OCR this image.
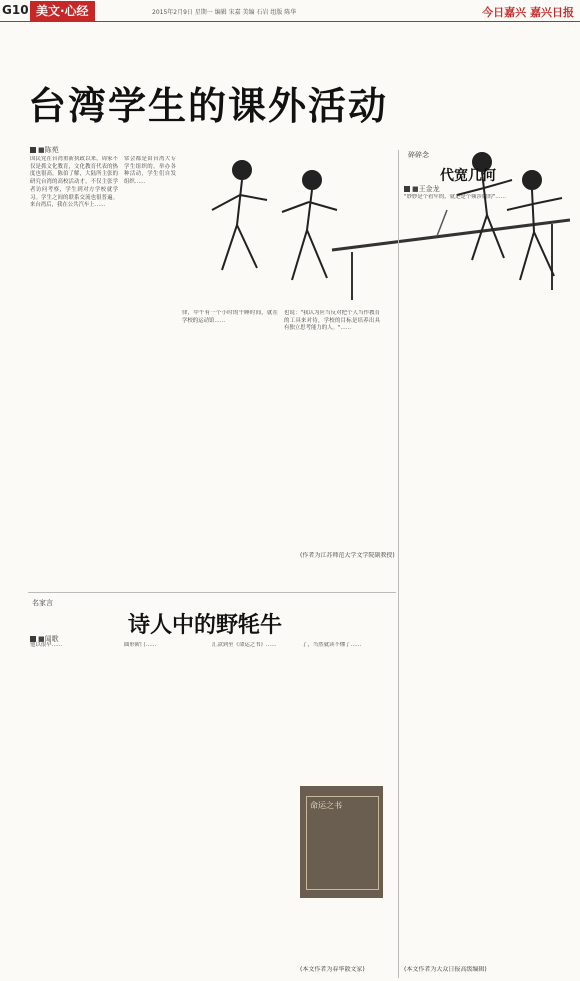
G10 美文·心经	2015年2月9日 星期一 编辑 宋嘉 美编 石岩 组版 陈华	今日嘉兴 嘉兴日报
台湾学生的课外活动
■陈苑

国民党在台湾重新执政以来，周家不仅是抓文化教育，文化教育代表的热度也很高。陈伯了解，大陆所主张的研究台湾的高校活动才，不仅主张学者访问考察，学生到对方学校就学习。学生之间的联系交流也很普遍。来台湾后，我在公共汽车上……

常会都是由台湾大专学生组织的，举办各种活动，学生们自发组织……

律，中午有一个小时的午睡时间，就在学校的运动馆……

也说："我认为应当反对把个人当作教育的工具来对待，学校的目标是培养出具有独立思考能力的人。"……

(作者为江苏师范大学文学院副教授)
碎碎念
代宽几何
■王金龙

"妙妙是个看牢的，就是是个频涉做的"……

(本文作者为大众日报高级编辑)
名家言
诗人中的野牦牛
■闻歌

他以很早……	圆形阶门……	汇款到至《命运之书》……	了，当然就读不懂了……

命运之书
(本文作者为春华散文家)
